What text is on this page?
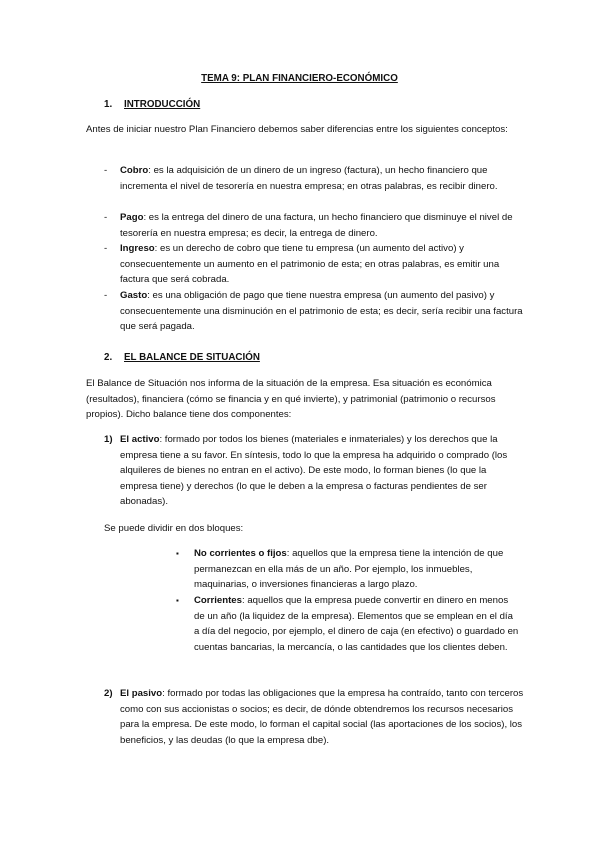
TEMA 9: PLAN FINANCIERO-ECONÓMICO
1. INTRODUCCIÓN
Antes de iniciar nuestro Plan Financiero debemos saber diferencias entre los siguientes conceptos:
- Cobro: es la adquisición de un dinero de un ingreso (factura), un hecho financiero que incrementa el nivel de tesorería en nuestra empresa; en otras palabras, es recibir dinero.
- Pago: es la entrega del dinero de una factura, un hecho financiero que disminuye el nivel de tesorería en nuestra empresa; es decir, la entrega de dinero.
- Ingreso: es un derecho de cobro que tiene tu empresa (un aumento del activo) y consecuentemente un aumento en el patrimonio de esta; en otras palabras, es emitir una factura que será cobrada.
- Gasto: es una obligación de pago que tiene nuestra empresa (un aumento del pasivo) y consecuentemente una disminución en el patrimonio de esta; es decir, sería recibir una factura que será pagada.
2. EL BALANCE DE SITUACIÓN
El Balance de Situación nos informa de la situación de la empresa. Esa situación es económica (resultados), financiera (cómo se financia y en qué invierte), y patrimonial (patrimonio o recursos propios). Dicho balance tiene dos componentes:
1) El activo: formado por todos los bienes (materiales e inmateriales) y los derechos que la empresa tiene a su favor. En síntesis, todo lo que la empresa ha adquirido o comprado (los alquileres de bienes no entran en el activo). De este modo, lo forman bienes (lo que la empresa tiene) y derechos (lo que le deben a la empresa o facturas pendientes de ser abonadas).
Se puede dividir en dos bloques:
▪ No corrientes o fijos: aquellos que la empresa tiene la intención de que permanezcan en ella más de un año. Por ejemplo, los inmuebles, maquinarias, o inversiones financieras a largo plazo.
▪ Corrientes: aquellos que la empresa puede convertir en dinero en menos de un año (la liquidez de la empresa). Elementos que se emplean en el día a día del negocio, por ejemplo, el dinero de caja (en efectivo) o guardado en cuentas bancarias, la mercancía, o las cantidades que los clientes deben.
2) El pasivo: formado por todas las obligaciones que la empresa ha contraído, tanto con terceros como con sus accionistas o socios; es decir, de dónde obtendremos los recursos necesarios para la empresa. De este modo, lo forman el capital social (las aportaciones de los socios), los beneficios, y las deudas (lo que la empresa dbe).
